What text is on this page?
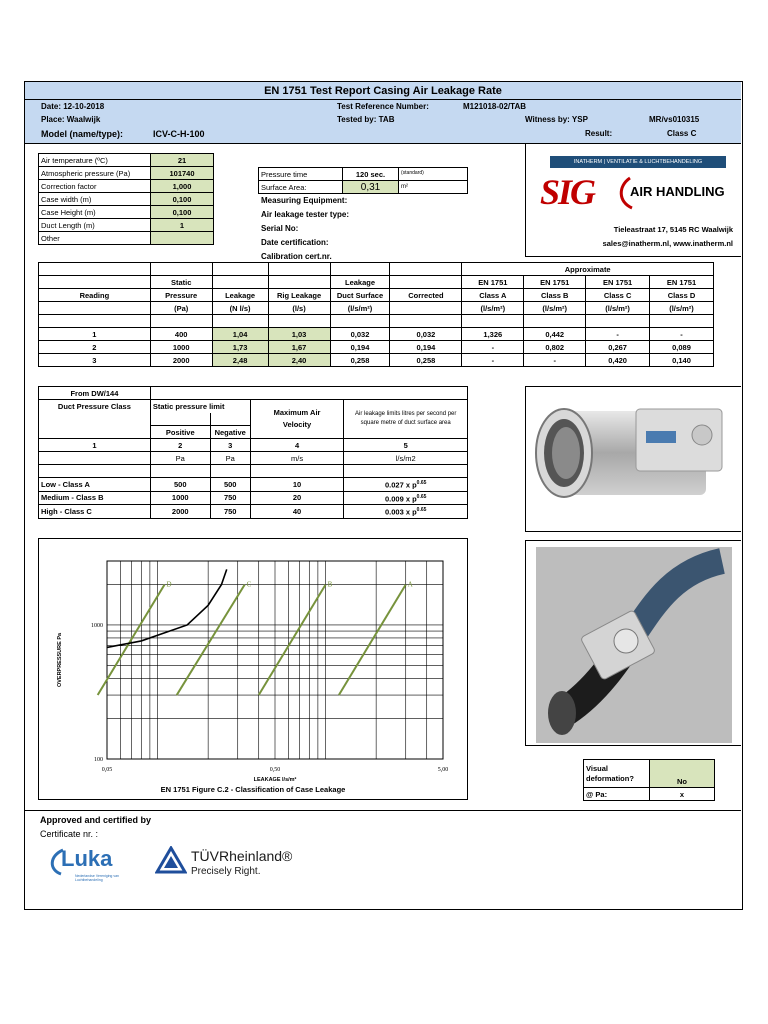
EN 1751 Test Report Casing Air Leakage Rate
Date: 12-10-2018
Place: Waalwijk
Model (name/type):	ICV-C-H-100
Test Reference Number:	M121018-02/TAB
Tested by: TAB	Witness by: YSP	MR/vs010315
Result:	Class C
Air temperature (ºC)	21
Atmospheric pressure (Pa)	101740
Correction factor	1,000
Case width (m)	0,100
Case Height (m)	0,100
Duct Length (m)	1
Other	
Pressure time	120 sec.	(standard)
Surface Area:	0,31	m²
Measuring Equipment:
Air leakage tester type:
Serial No:
Date certification:
Calibration cert.nr.
INATHERM | VENTILATIE & LUCHTBEHANDELING
SIG	AIR HANDLING
Tieleastraat 17, 5145 RC Waalwijk
sales@inatherm.nl, www.inatherm.nl
						Approximate			
	Static			Leakage		EN 1751	EN 1751	EN 1751	EN 1751
Reading	Pressure	Leakage	Rig Leakage	Duct Surface	Corrected	Class A	Class B	Class C	Class D
	(Pa)	(N l/s)	(l/s)	(l/s/m²)		(l/s/m²)	(l/s/m²)	(l/s/m²)	(l/s/m²)

1	400	1,04	1,03	0,032	0,032	1,326	0,442	-	-
2	1000	1,73	1,67	0,194	0,194	-	0,802	0,267	0,089
3	2000	2,48	2,40	0,258	0,258	-	-	0,420	0,140
From DW/144				
Duct Pressure Class	Static pressure limit		Maximum Air
Velocity	Air leakage limits litres per second per square metre of duct surface area

	Positive	Negative		
1	2	3	4	5
	Pa	Pa	m/s	l/s/m2

Low - Class A	500	500	10	0.027 x $p^{0.65}$
Medium - Class B	1000	750	20	0.009 x $p^{0.65}$
High - Class C	2000	750	40	0.003 x $p^{0.65}$
0,05	0,50	5,00
1000
100
LEAKAGE l/s/m²
OVERPRESSURE Pa
A
B
C
D
EN 1751 Figure C.2 - Classification of Case Leakage
Visual deformation?	No
@ Pa:	x
Approved and certified by
Certificate nr. :
Luka
Nederlandse Vereniging van Luchtbehandeling
TÜVRheinland®
Precisely Right.
